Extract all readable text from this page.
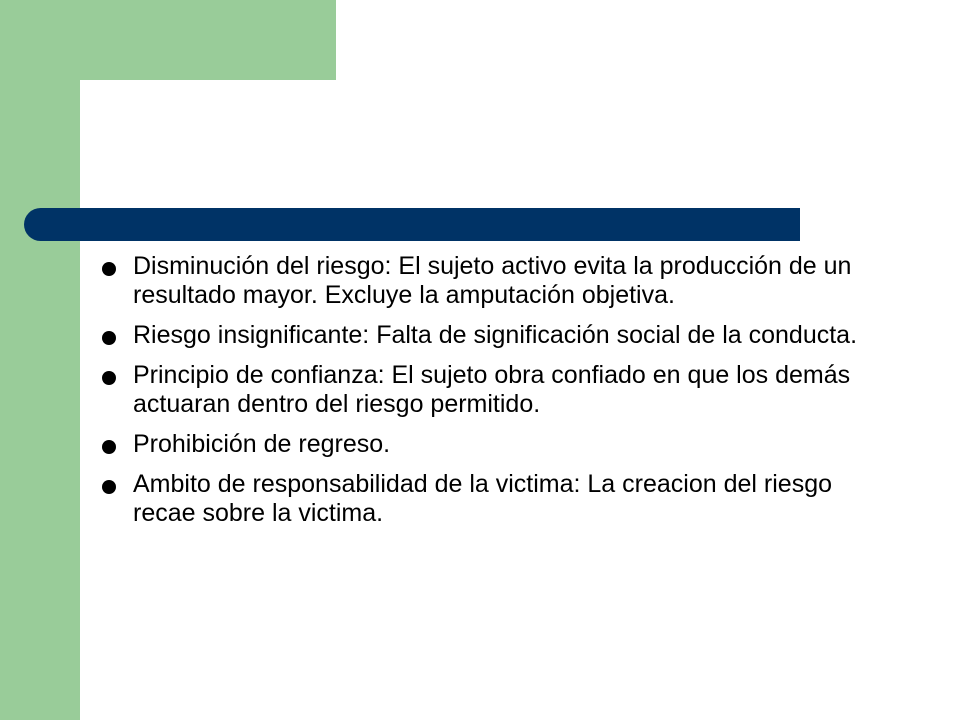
Disminución del riesgo: El sujeto activo evita la producción de un resultado mayor. Excluye la amputación objetiva.
Riesgo insignificante: Falta de significación social de la conducta.
Principio de confianza: El sujeto obra confiado en que los demás actuaran dentro del riesgo permitido.
Prohibición de regreso.
Ambito de responsabilidad de la victima: La creacion del riesgo recae sobre la victima.
